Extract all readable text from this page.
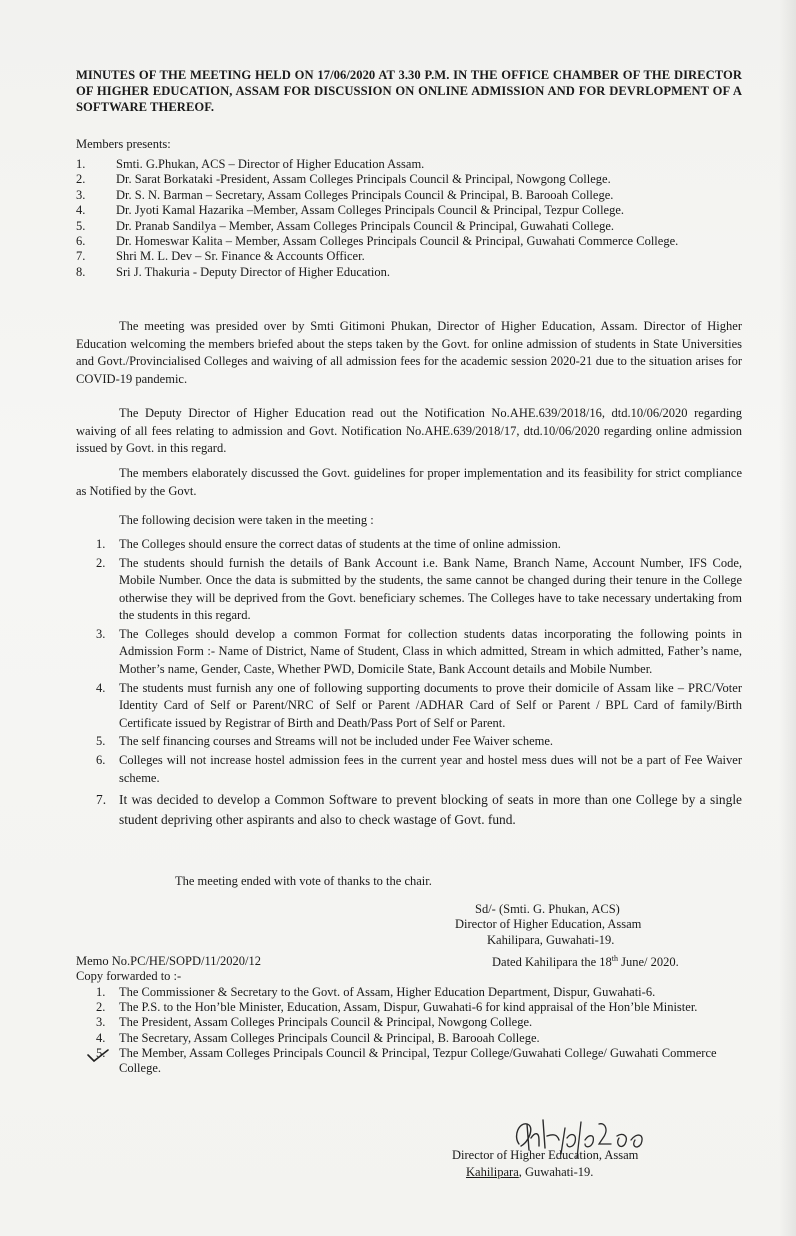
MINUTES OF THE MEETING HELD ON 17/06/2020 AT 3.30 P.M. IN THE OFFICE CHAMBER OF THE DIRECTOR OF HIGHER EDUCATION, ASSAM FOR DISCUSSION ON ONLINE ADMISSION AND FOR DEVRLOPMENT OF A SOFTWARE THEREOF.
Members presents:
1. Smti. G.Phukan, ACS – Director of Higher Education Assam.
2. Dr. Sarat Borkataki -President, Assam Colleges Principals Council & Principal, Nowgong College.
3. Dr. S. N. Barman – Secretary, Assam Colleges Principals Council & Principal, B. Barooah College.
4. Dr. Jyoti Kamal Hazarika –Member, Assam Colleges Principals Council & Principal, Tezpur College.
5. Dr. Pranab Sandilya – Member, Assam Colleges Principals Council & Principal, Guwahati College.
6. Dr. Homeswar Kalita – Member, Assam Colleges Principals Council & Principal, Guwahati Commerce College.
7. Shri M. L. Dev – Sr. Finance & Accounts Officer.
8. Sri J. Thakuria - Deputy Director of Higher Education.

The meeting was presided over by Smti Gitimoni Phukan, Director of Higher Education, Assam. Director of Higher Education welcoming the members briefed about the steps taken by the Govt. for online admission of students in State Universities and Govt./Provincialised Colleges and waiving of all admission fees for the academic session 2020-21 due to the situation arises for COVID-19 pandemic.

The Deputy Director of Higher Education read out the Notification No.AHE.639/2018/16, dtd.10/06/2020 regarding waiving of all fees relating to admission and Govt. Notification No.AHE.639/2018/17, dtd.10/06/2020 regarding online admission issued by Govt. in this regard.

The members elaborately discussed the Govt. guidelines for proper implementation and its feasibility for strict compliance as Notified by the Govt.

The following decision were taken in the meeting :
1. The Colleges should ensure the correct datas of students at the time of online admission.
2. The students should furnish the details of Bank Account i.e. Bank Name, Branch Name, Account Number, IFS Code, Mobile Number. Once the data is submitted by the students, the same cannot be changed during their tenure in the College otherwise they will be deprived from the Govt. beneficiary schemes. The Colleges have to take necessary undertaking from the students in this regard.
3. The Colleges should develop a common Format for collection students datas incorporating the following points in Admission Form :- Name of District, Name of Student, Class in which admitted, Stream in which admitted, Father’s name, Mother’s name, Gender, Caste, Whether PWD, Domicile State, Bank Account details and Mobile Number.
4. The students must furnish any one of following supporting documents to prove their domicile of Assam like – PRC/Voter Identity Card of Self or Parent/NRC of Self or Parent /ADHAR Card of Self or Parent / BPL Card of family/Birth Certificate issued by Registrar of Birth and Death/Pass Port of Self or Parent.
5. The self financing courses and Streams will not be included under Fee Waiver scheme.
6. Colleges will not increase hostel admission fees in the current year and hostel mess dues will not be a part of Fee Waiver scheme.
7. It was decided to develop a Common Software to prevent blocking of seats in more than one College by a single student depriving other aspirants and also to check wastage of Govt. fund.
The meeting ended with vote of thanks to the chair.
Sd/- (Smti. G. Phukan, ACS)
Director of Higher Education, Assam
Kahilipara, Guwahati-19.
Memo No.PC/HE/SOPD/11/2020/12	Dated Kahilipara the 18th June/ 2020.
Copy forwarded to :-
1. The Commissioner & Secretary to the Govt. of Assam, Higher Education Department, Dispur, Guwahati-6.
2. The P.S. to the Hon’ble Minister, Education, Assam, Dispur, Guwahati-6 for kind appraisal of the Hon’ble Minister.
3. The President, Assam Colleges Principals Council & Principal, Nowgong College.
4. The Secretary, Assam Colleges Principals Council & Principal, B. Barooah College.
5. The Member, Assam Colleges Principals Council & Principal, Tezpur College/Guwahati College/ Guwahati Commerce College.
Director of Higher Education, Assam
Kahilipara, Guwahati-19.
